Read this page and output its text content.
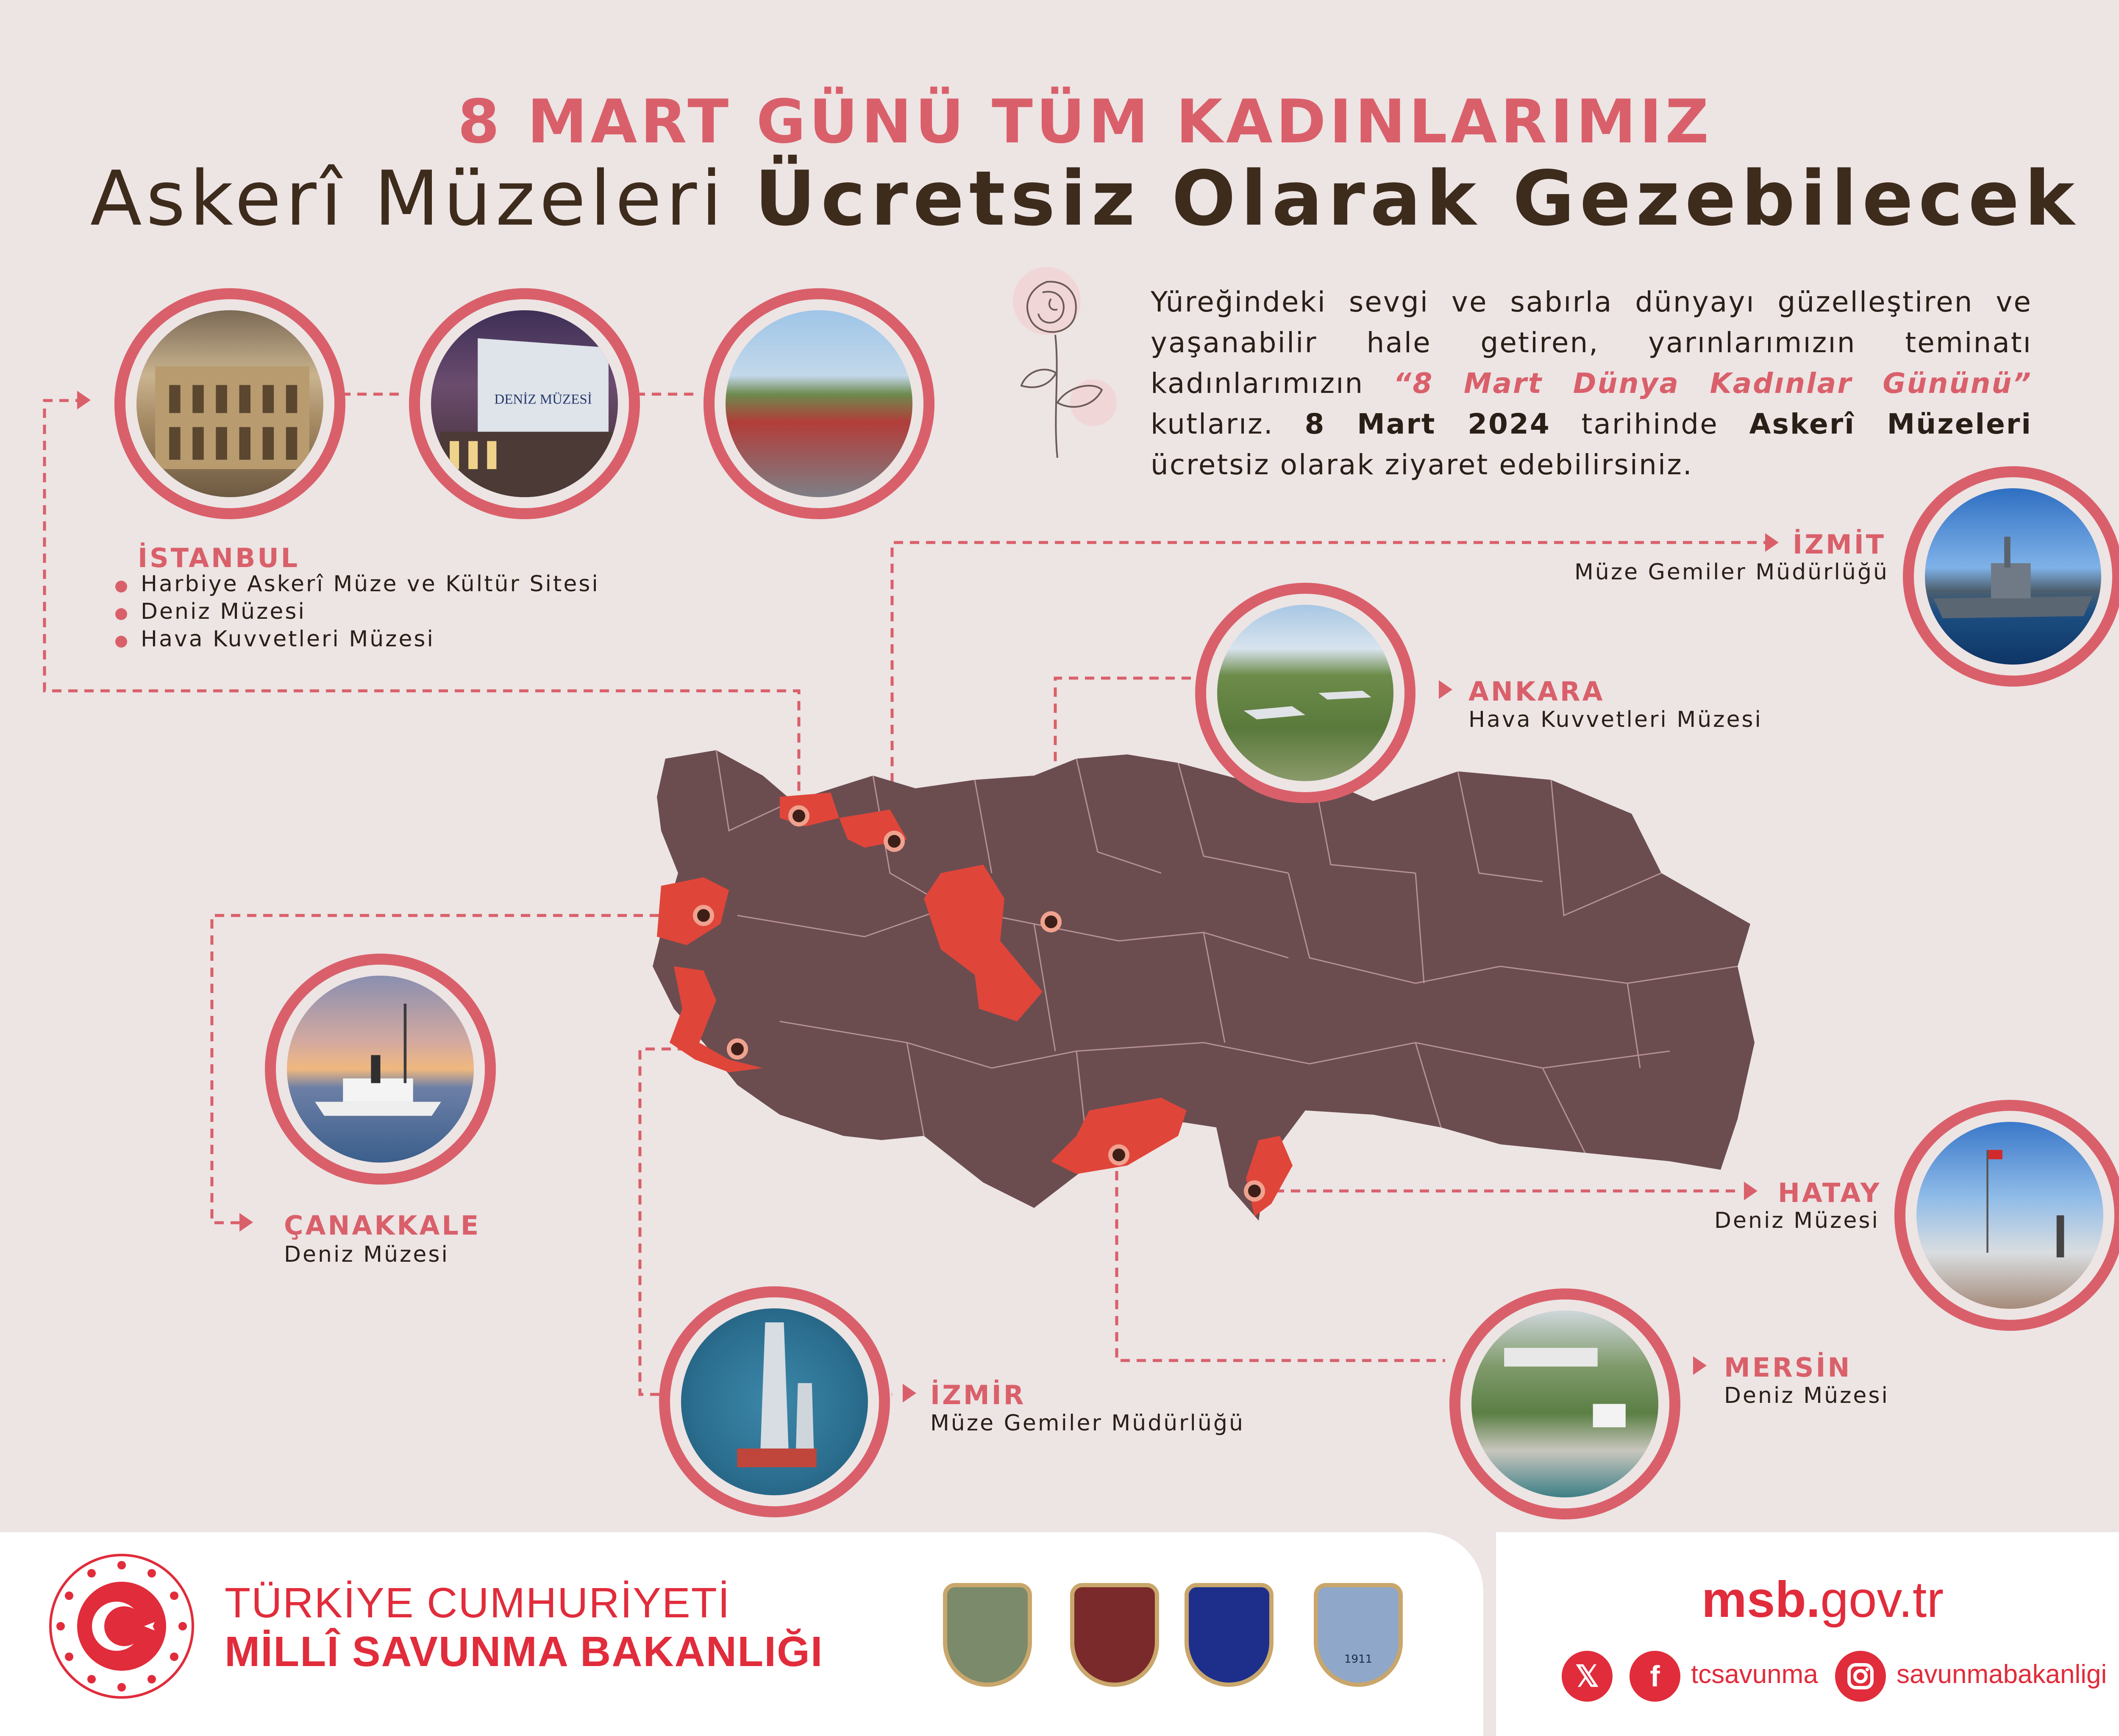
8 MART GÜNÜ TÜM KADINLARIMIZ
Askerî Müzeleri Ücretsiz Olarak Gezebilecek
Yüreğindeki sevgi ve sabırla dünyayı güzelleştiren ve yaşanabilir hale getiren, yarınlarımızın teminatı kadınlarımızın “8 Mart Dünya Kadınlar Gününü” kutlarız. 8 Mart 2024 tarihinde Askerî Müzeleri ücretsiz olarak ziyaret edebilirsiniz.
DENİZ MÜZESİ
İSTANBUL
Harbiye Askerî Müze ve Kültür Sitesi
Deniz Müzesi
Hava Kuvvetleri Müzesi
İZMİT
Müze Gemiler Müdürlüğü
ANKARA
Hava Kuvvetleri Müzesi
ÇANAKKALE
Deniz Müzesi
İZMİR
Müze Gemiler Müdürlüğü
HATAY
Deniz Müzesi
MERSİN
Deniz Müzesi
TÜRKİYE CUMHURİYETİ
MİLLÎ SAVUNMA BAKANLIĞI	1911
msb.gov.tr
𝕏	f	tcsavunma	savunmabakanligi
